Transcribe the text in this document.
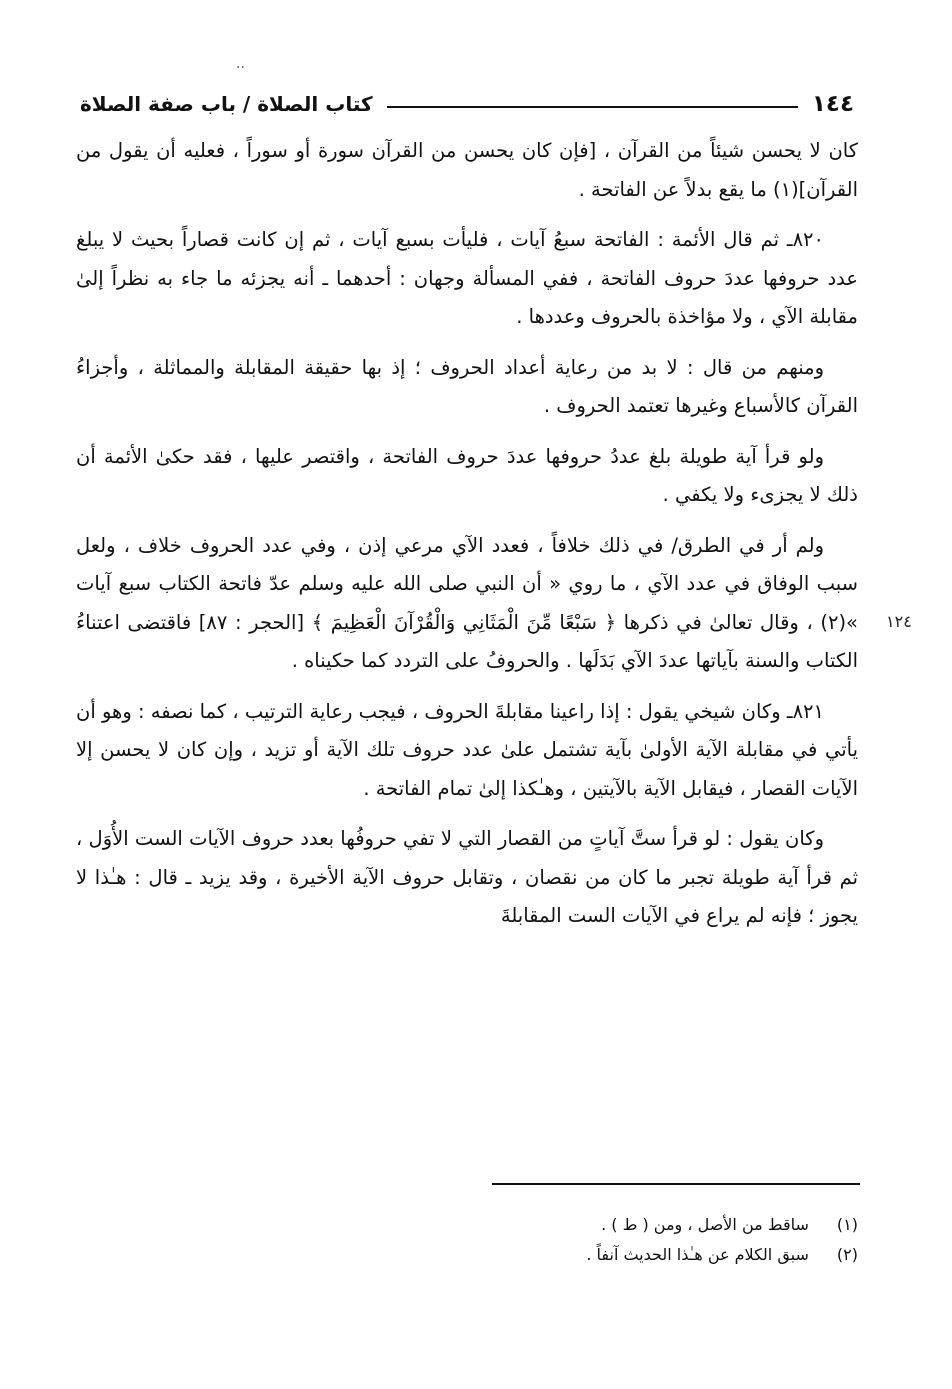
··
١٤٤
كتاب الصلاة / باب صفة الصلاة

كان لا يحسن شيئاً من القرآن ، [فإن كان يحسن من القرآن سورة أو سوراً ، فعليه أن يقول من القرآن](١) ما يقع بدلاً عن الفاتحة .

٨٢٠ـ ثم قال الأئمة : الفاتحة سبعُ آيات ، فليأت بسبع آيات ، ثم إن كانت قصاراً بحيث لا يبلغ عدد حروفها عددَ حروف الفاتحة ، ففي المسألة وجهان : أحدهما ـ أنه يجزئه ما جاء به نظراً إلىٰ مقابلة الآي ، ولا مؤاخذة بالحروف وعددها .

ومنهم من قال : لا بد من رعاية أعداد الحروف ؛ إذ بها حقيقة المقابلة والمماثلة ، وأجزاءُ القرآن كالأسباع وغيرها تعتمد الحروف .

ولو قرأ آية طويلة بلغ عددُ حروفها عددَ حروف الفاتحة ، واقتصر عليها ، فقد حكىٰ الأئمة أن ذلك لا يجزىء ولا يكفي .

ولم أر في الطرق/ في ذلك خلافاً ، فعدد الآي مرعي إذن ، وفي عدد الحروف خلاف ، ولعل سبب الوفاق في عدد الآي ، ما روي « أن النبي صلى الله عليه وسلم عدّ فاتحة الكتاب سبع آيات »(٢) ، وقال تعالىٰ في ذكرها ﴿ سَبْعًا مِّنَ الْمَثَانِي وَالْقُرْآنَ الْعَظِيمَ ﴾ [الحجر : ٨٧] فاقتضى اعتناءُ الكتاب والسنة بآياتها عددَ الآي بَدَلَها . والحروفُ على التردد كما حكيناه .

٨٢١ـ وكان شيخي يقول : إذا راعينا مقابلةَ الحروف ، فيجب رعاية الترتيب ، كما نصفه : وهو أن يأتي في مقابلة الآية الأولىٰ بآية تشتمل علىٰ عدد حروف تلك الآية أو تزيد ، وإن كان لا يحسن إلا الآيات القصار ، فيقابل الآية بالآيتين ، وهـٰكذا إلىٰ تمام الفاتحة .

وكان يقول : لو قرأ ستَّ آياتٍ من القصار التي لا تفي حروفُها بعدد حروف الآيات الست الأُوَل ، ثم قرأ آية طويلة تجبر ما كان من نقصان ، وتقابل حروف الآية الأخيرة ، وقد يزيد ـ قال : هـٰذا لا يجوز ؛ فإنه لم يراع في الآيات الست المقابلةَ

١٢٤

(١) ساقط من الأصل ، ومن ( ط ) .

(٢) سبق الكلام عن هـٰذا الحديث آنفاً .
